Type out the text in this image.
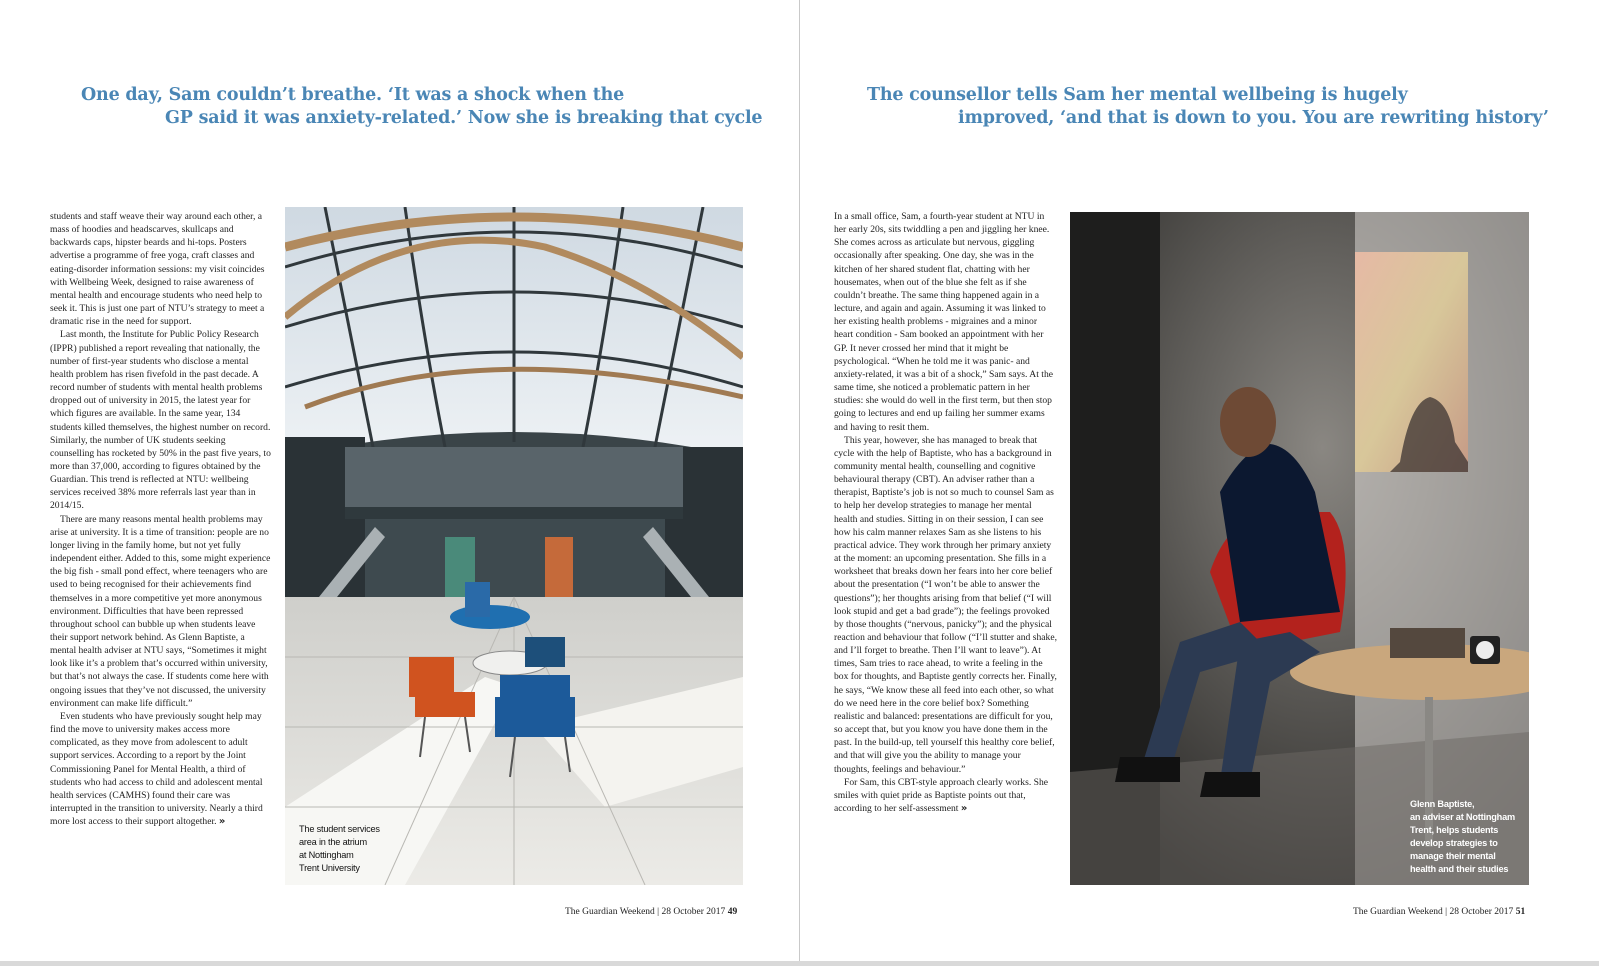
One day, Sam couldn’t breathe. ‘It was a shock when the
GP said it was anxiety-related.’ Now she is breaking that cycle

students and staff weave their way around each other, a mass of hoodies and headscarves, skullcaps and backwards caps, hipster beards and hi-tops. Posters advertise a programme of free yoga, craft classes and eating-disorder information sessions: my visit coincides with Wellbeing Week, designed to raise awareness of mental health and encourage students who need help to seek it. This is just one part of NTU’s strategy to meet a dramatic rise in the need for support.

Last month, the Institute for Public Policy Research (IPPR) published a report revealing that nationally, the number of first-year students who disclose a mental health problem has risen fivefold in the past decade. A record number of students with mental health problems dropped out of university in 2015, the latest year for which figures are available. In the same year, 134 students killed themselves, the highest number on record. Similarly, the number of UK students seeking counselling has rocketed by 50% in the past five years, to more than 37,000, according to figures obtained by the Guardian. This trend is reflected at NTU: wellbeing services received 38% more referrals last year than in 2014/15.

There are many reasons mental health problems may arise at university. It is a time of transition: people are no longer living in the family home, but not yet fully independent either. Added to this, some might experience the big fish - small pond effect, where teenagers who are used to being recognised for their achievements find themselves in a more competitive yet more anonymous environment. Difficulties that have been repressed throughout school can bubble up when students leave their support network behind. As Glenn Baptiste, a mental health adviser at NTU says, “Sometimes it might look like it’s a problem that’s occurred within university, but that’s not always the case. If students come here with ongoing issues that they’ve not discussed, the university environment can make life difficult.”

Even students who have previously sought help may find the move to university makes access more complicated, as they move from adolescent to adult support services. According to a report by the Joint Commissioning Panel for Mental Health, a third of students who had access to child and adolescent mental health services (CAMHS) found their care was interrupted in the transition to university. Nearly a third more lost access to their support altogether. »

The student services
area in the atrium
at Nottingham
Trent University
The Guardian Weekend | 28 October 2017 49
The counsellor tells Sam her mental wellbeing is hugely
improved, ‘and that is down to you. You are rewriting history’

In a small office, Sam, a fourth-year student at NTU in her early 20s, sits twiddling a pen and jiggling her knee. She comes across as articulate but nervous, giggling occasionally after speaking. One day, she was in the kitchen of her shared student flat, chatting with her housemates, when out of the blue she felt as if she couldn’t breathe. The same thing happened again in a lecture, and again and again. Assuming it was linked to her existing health problems - migraines and a minor heart condition - Sam booked an appointment with her GP. It never crossed her mind that it might be psychological. “When he told me it was panic- and anxiety-related, it was a bit of a shock,” Sam says. At the same time, she noticed a problematic pattern in her studies: she would do well in the first term, but then stop going to lectures and end up failing her summer exams and having to resit them.

This year, however, she has managed to break that cycle with the help of Baptiste, who has a background in community mental health, counselling and cognitive behavioural therapy (CBT). An adviser rather than a therapist, Baptiste’s job is not so much to counsel Sam as to help her develop strategies to manage her mental health and studies. Sitting in on their session, I can see how his calm manner relaxes Sam as she listens to his practical advice. They work through her primary anxiety at the moment: an upcoming presentation. She fills in a worksheet that breaks down her fears into her core belief about the presentation (“I won’t be able to answer the questions”); her thoughts arising from that belief (“I will look stupid and get a bad grade”); the feelings provoked by those thoughts (“nervous, panicky”); and the physical reaction and behaviour that follow (“I’ll stutter and shake, and I’ll forget to breathe. Then I’ll want to leave”). At times, Sam tries to race ahead, to write a feeling in the box for thoughts, and Baptiste gently corrects her. Finally, he says, “We know these all feed into each other, so what do we need here in the core belief box? Something realistic and balanced: presentations are difficult for you, so accept that, but you know you have done them in the past. In the build-up, tell yourself this healthy core belief, and that will give you the ability to manage your thoughts, feelings and behaviour.”

For Sam, this CBT-style approach clearly works. She smiles with quiet pride as Baptiste points out that, according to her self-assessment »	Glenn Baptiste,
an adviser at Nottingham
Trent, helps students
develop strategies to
manage their mental
health and their studies
The Guardian Weekend | 28 October 2017 51
